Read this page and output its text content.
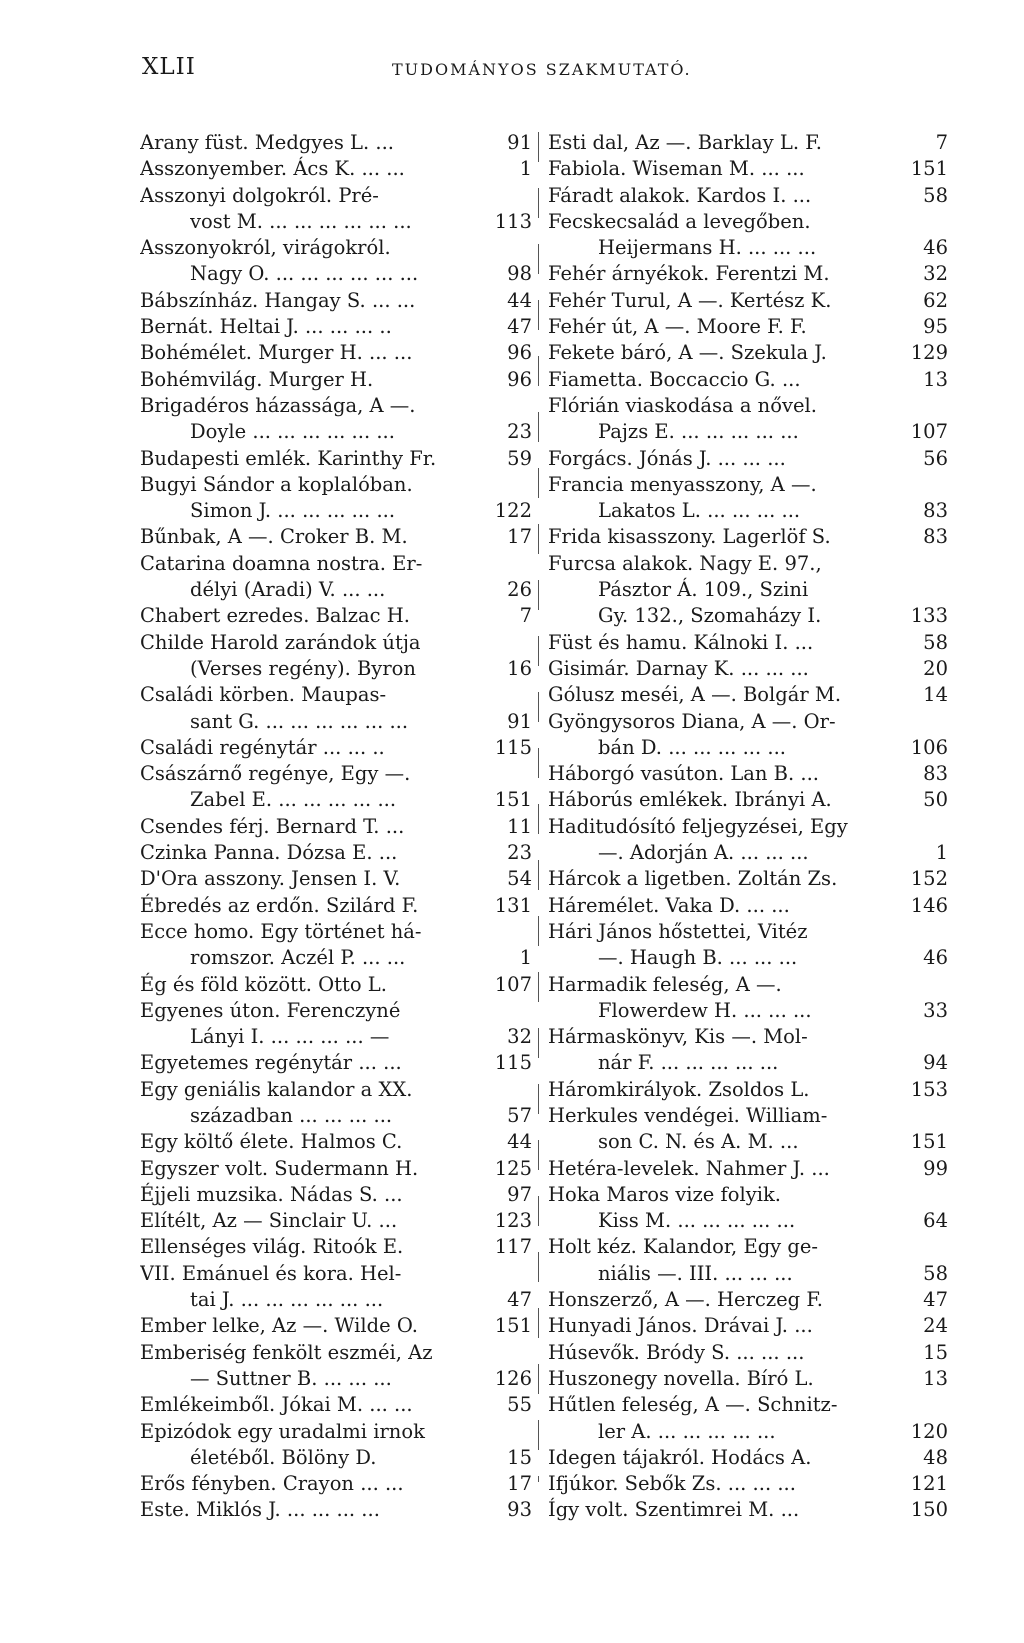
XLII	TUDOMÁNYOS SZAKMUTATÓ.
Arany füst. Medgyes L. ...	91
Asszonyember. Ács K. ... ...	1
Asszonyi dolgokról. Pré-
vost M. ... ... ... ... ... ...	113
Asszonyokról, virágokról.
Nagy O. ... ... ... ... ... ...	98
Bábszínház. Hangay S. ... ...	44
Bernát. Heltai J. ... ... ... ..	47
Bohémélet. Murger H. ... ...	96
Bohémvilág. Murger H.	96
Brigadéros házassága, A —.
Doyle ... ... ... ... ... ...	23
Budapesti emlék. Karinthy Fr.	59
Bugyi Sándor a koplalóban.
Simon J. ... ... ... ... ...	122
Bűnbak, A —. Croker B. M.	17
Catarina doamna nostra. Er-
délyi (Aradi) V. ... ...	26
Chabert ezredes. Balzac H.	7
Childe Harold zarándok útja
(Verses regény). Byron	16
Családi körben. Maupas-
sant G. ... ... ... ... ... ...	91
Családi regénytár ... ... ..	115
Császárnő regénye, Egy —.
Zabel E. ... ... ... ... ...	151
Csendes férj. Bernard T. ...	11
Czinka Panna. Dózsa E. ...	23
D'Ora asszony. Jensen I. V.	54
Ébredés az erdőn. Szilárd F.	131
Ecce homo. Egy történet há-
romszor. Aczél P. ... ...	1
Ég és föld között. Otto L.	107
Egyenes úton. Ferenczyné
Lányi I. ... ... ... ... —	32
Egyetemes regénytár ... ...	115
Egy geniális kalandor a XX.
században ... ... ... ...	57
Egy költő élete. Halmos C.	44
Egyszer volt. Sudermann H.	125
Éjjeli muzsika. Nádas S. ...	97
Elítélt, Az — Sinclair U. ...	123
Ellenséges világ. Ritoók E.	117
VII. Emánuel és kora. Hel-
tai J. ... ... ... ... ... ...	47
Ember lelke, Az —. Wilde O.	151
Emberiség fenkölt eszméi, Az
— Suttner B. ... ... ...	126
Emlékeimből. Jókai M. ... ...	55
Epizódok egy uradalmi irnok
életéből. Bölöny D.	15
Erős fényben. Crayon ... ...	17
Este. Miklós J. ... ... ... ...	93
Esti dal, Az —. Barklay L. F.	7
Fabiola. Wiseman M. ... ...	151
Fáradt alakok. Kardos I. ...	58
Fecskecsalád a levegőben.
Heijermans H. ... ... ...	46
Fehér árnyékok. Ferentzi M.	32
Fehér Turul, A —. Kertész K.	62
Fehér út, A —. Moore F. F.	95
Fekete báró, A —. Szekula J.	129
Fiametta. Boccaccio G. ...	13
Flórián viaskodása a nővel.
Pajzs E. ... ... ... ... ...	107
Forgács. Jónás J. ... ... ...	56
Francia menyasszony, A —.
Lakatos L. ... ... ... ...	83
Frida kisasszony. Lagerlöf S.	83
Furcsa alakok. Nagy E. 97.,
Pásztor Á. 109., Szini
Gy. 132., Szomaházy I.	133
Füst és hamu. Kálnoki I. ...	58
Gisimár. Darnay K. ... ... ...	20
Gólusz meséi, A —. Bolgár M.	14
Gyöngysoros Diana, A —. Or-
bán D. ... ... ... ... ...	106
Háborgó vasúton. Lan B. ...	83
Háborús emlékek. Ibrányi A.	50
Haditudósító feljegyzései, Egy
—. Adorján A. ... ... ...	1
Hárcok a ligetben. Zoltán Zs.	152
Háremélet. Vaka D. ... ...	146
Hári János hőstettei, Vitéz
—. Haugh B. ... ... ...	46
Harmadik feleség, A —.
Flowerdew H. ... ... ...	33
Hármaskönyv, Kis —. Mol-
nár F. ... ... ... ... ...	94
Háromkirályok. Zsoldos L.	153
Herkules vendégei. William-
son C. N. és A. M. ...	151
Hetéra-levelek. Nahmer J. ...	99
Hoka Maros vize folyik.
Kiss M. ... ... ... ... ...	64
Holt kéz. Kalandor, Egy ge-
niális —. III. ... ... ...	58
Honszerző, A —. Herczeg F.	47
Hunyadi János. Drávai J. ...	24
Húsevők. Bródy S. ... ... ...	15
Huszonegy novella. Bíró L.	13
Hűtlen feleség, A —. Schnitz-
ler A. ... ... ... ... ...	120
Idegen tájakról. Hodács A.	48
Ifjúkor. Sebők Zs. ... ... ...	121
Így volt. Szentimrei M. ...	150
